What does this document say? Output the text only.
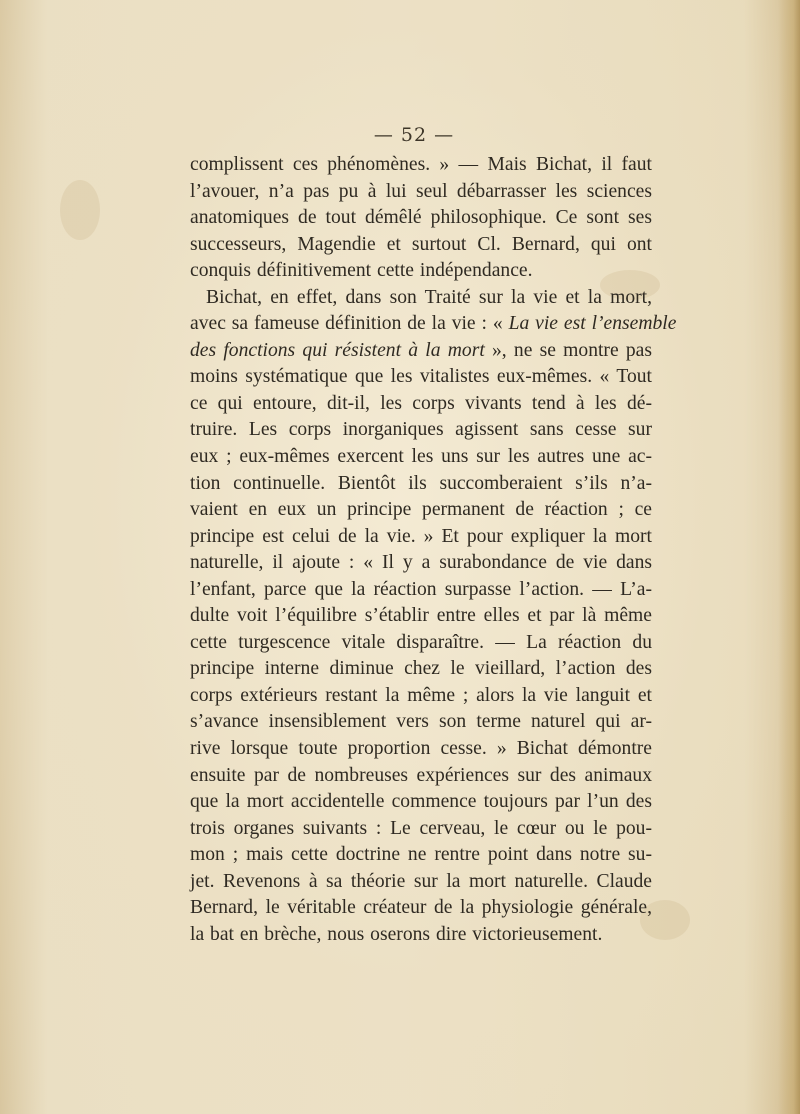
— 52 —
complissent ces phénomènes. » — Mais Bichat, il faut
l’avouer, n’a pas pu à lui seul débarrasser les sciences
anatomiques de tout démêlé philosophique. Ce sont ses
successeurs, Magendie et surtout Cl. Bernard, qui ont
conquis définitivement cette indépendance.
Bichat, en effet, dans son Traité sur la vie et la mort,
avec sa fameuse définition de la vie : « La vie est l’ensemble
des fonctions qui résistent à la mort », ne se montre pas
moins systématique que les vitalistes eux-mêmes. « Tout
ce qui entoure, dit-il, les corps vivants tend à les dé-
truire. Les corps inorganiques agissent sans cesse sur
eux ; eux-mêmes exercent les uns sur les autres une ac-
tion continuelle. Bientôt ils succomberaient s’ils n’a-
vaient en eux un principe permanent de réaction ; ce
principe est celui de la vie. » Et pour expliquer la mort
naturelle, il ajoute : « Il y a surabondance de vie dans
l’enfant, parce que la réaction surpasse l’action. — L’a-
dulte voit l’équilibre s’établir entre elles et par là même
cette turgescence vitale disparaître. — La réaction du
principe interne diminue chez le vieillard, l’action des
corps extérieurs restant la même ; alors la vie languit et
s’avance insensiblement vers son terme naturel qui ar-
rive lorsque toute proportion cesse. » Bichat démontre
ensuite par de nombreuses expériences sur des animaux
que la mort accidentelle commence toujours par l’un des
trois organes suivants : Le cerveau, le cœur ou le pou-
mon ; mais cette doctrine ne rentre point dans notre su-
jet. Revenons à sa théorie sur la mort naturelle. Claude
Bernard, le véritable créateur de la physiologie générale,
la bat en brèche, nous oserons dire victorieusement.
